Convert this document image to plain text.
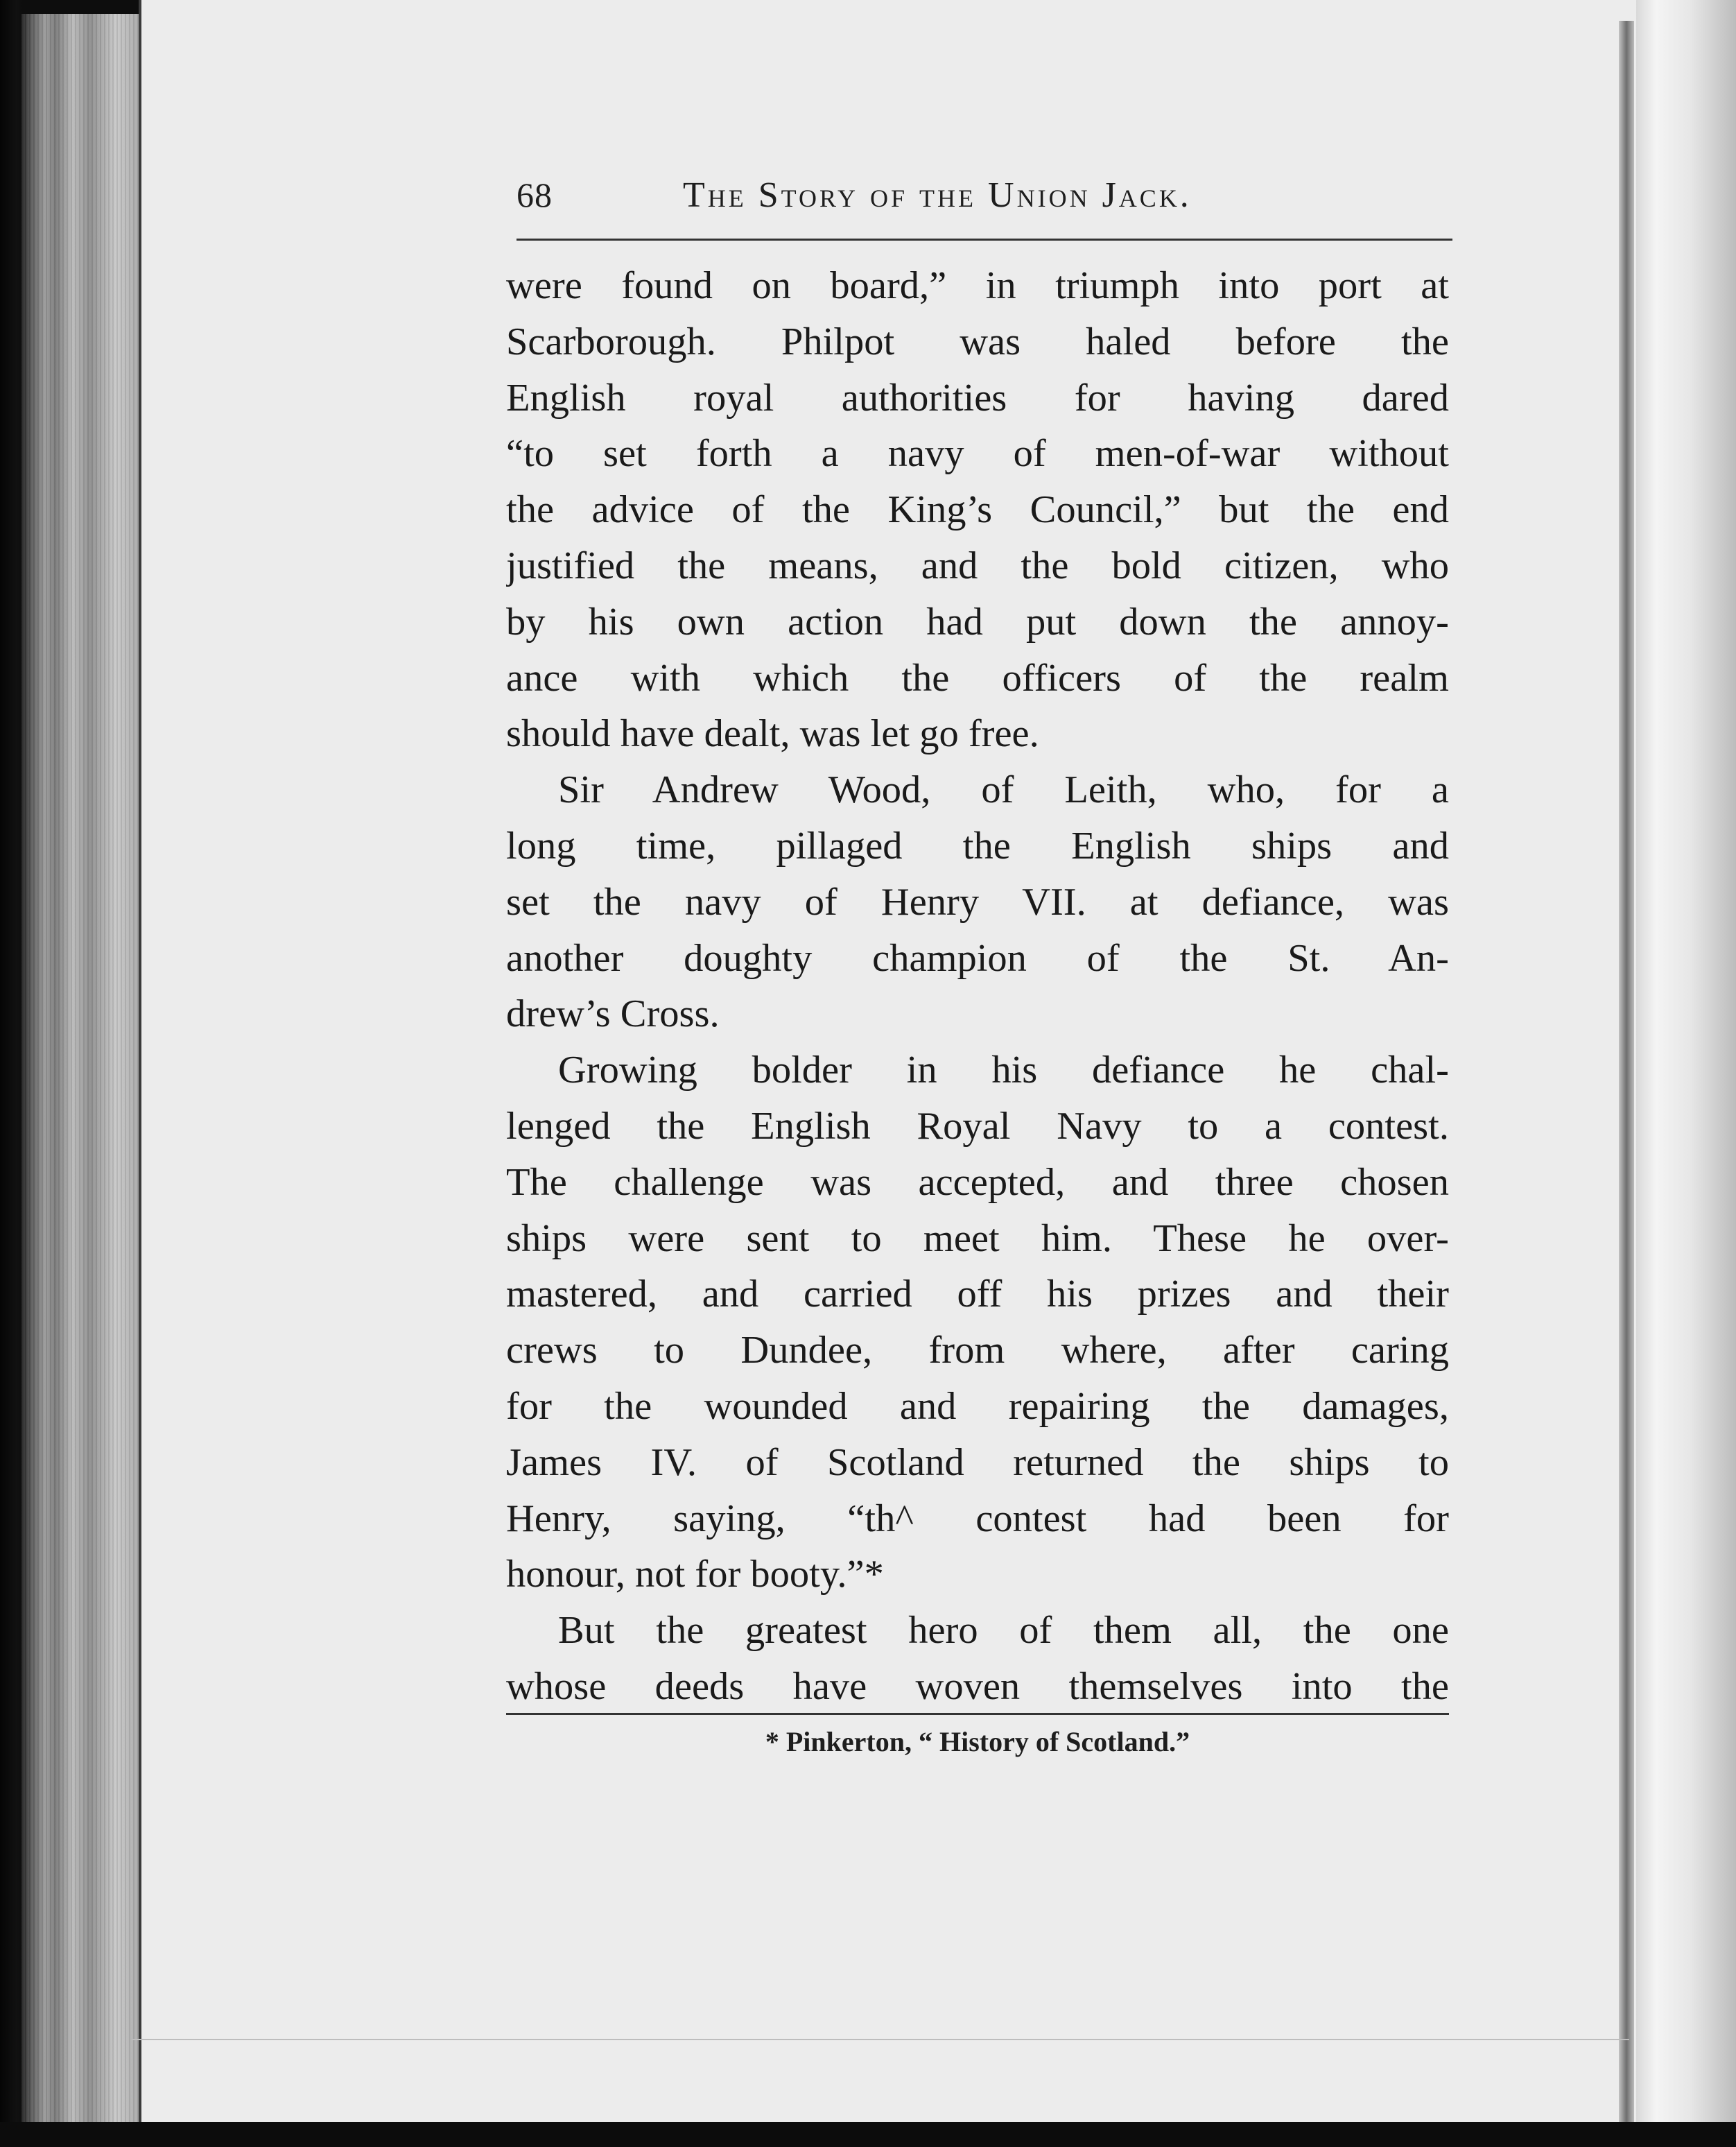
68	The Story of the Union Jack.
were found on board,” in triumph into port at
Scarborough. Philpot was haled before the
English royal authorities for having dared
“to set forth a navy of men-of-war without
the advice of the King’s Council,” but the end
justified the means, and the bold citizen, who
by his own action had put down the annoy-
ance with which the officers of the realm
should have dealt, was let go free.
Sir Andrew Wood, of Leith, who, for a
long time, pillaged the English ships and
set the navy of Henry VII. at defiance, was
another doughty champion of the St. An-
drew’s Cross.
Growing bolder in his defiance he chal-
lenged the English Royal Navy to a contest.
The challenge was accepted, and three chosen
ships were sent to meet him. These he over-
mastered, and carried off his prizes and their
crews to Dundee, from where, after caring
for the wounded and repairing the damages,
James IV. of Scotland returned the ships to
Henry, saying, “th^ contest had been for
honour, not for booty.”*
But the greatest hero of them all, the one
whose deeds have woven themselves into the
* Pinkerton, “ History of Scotland.”
